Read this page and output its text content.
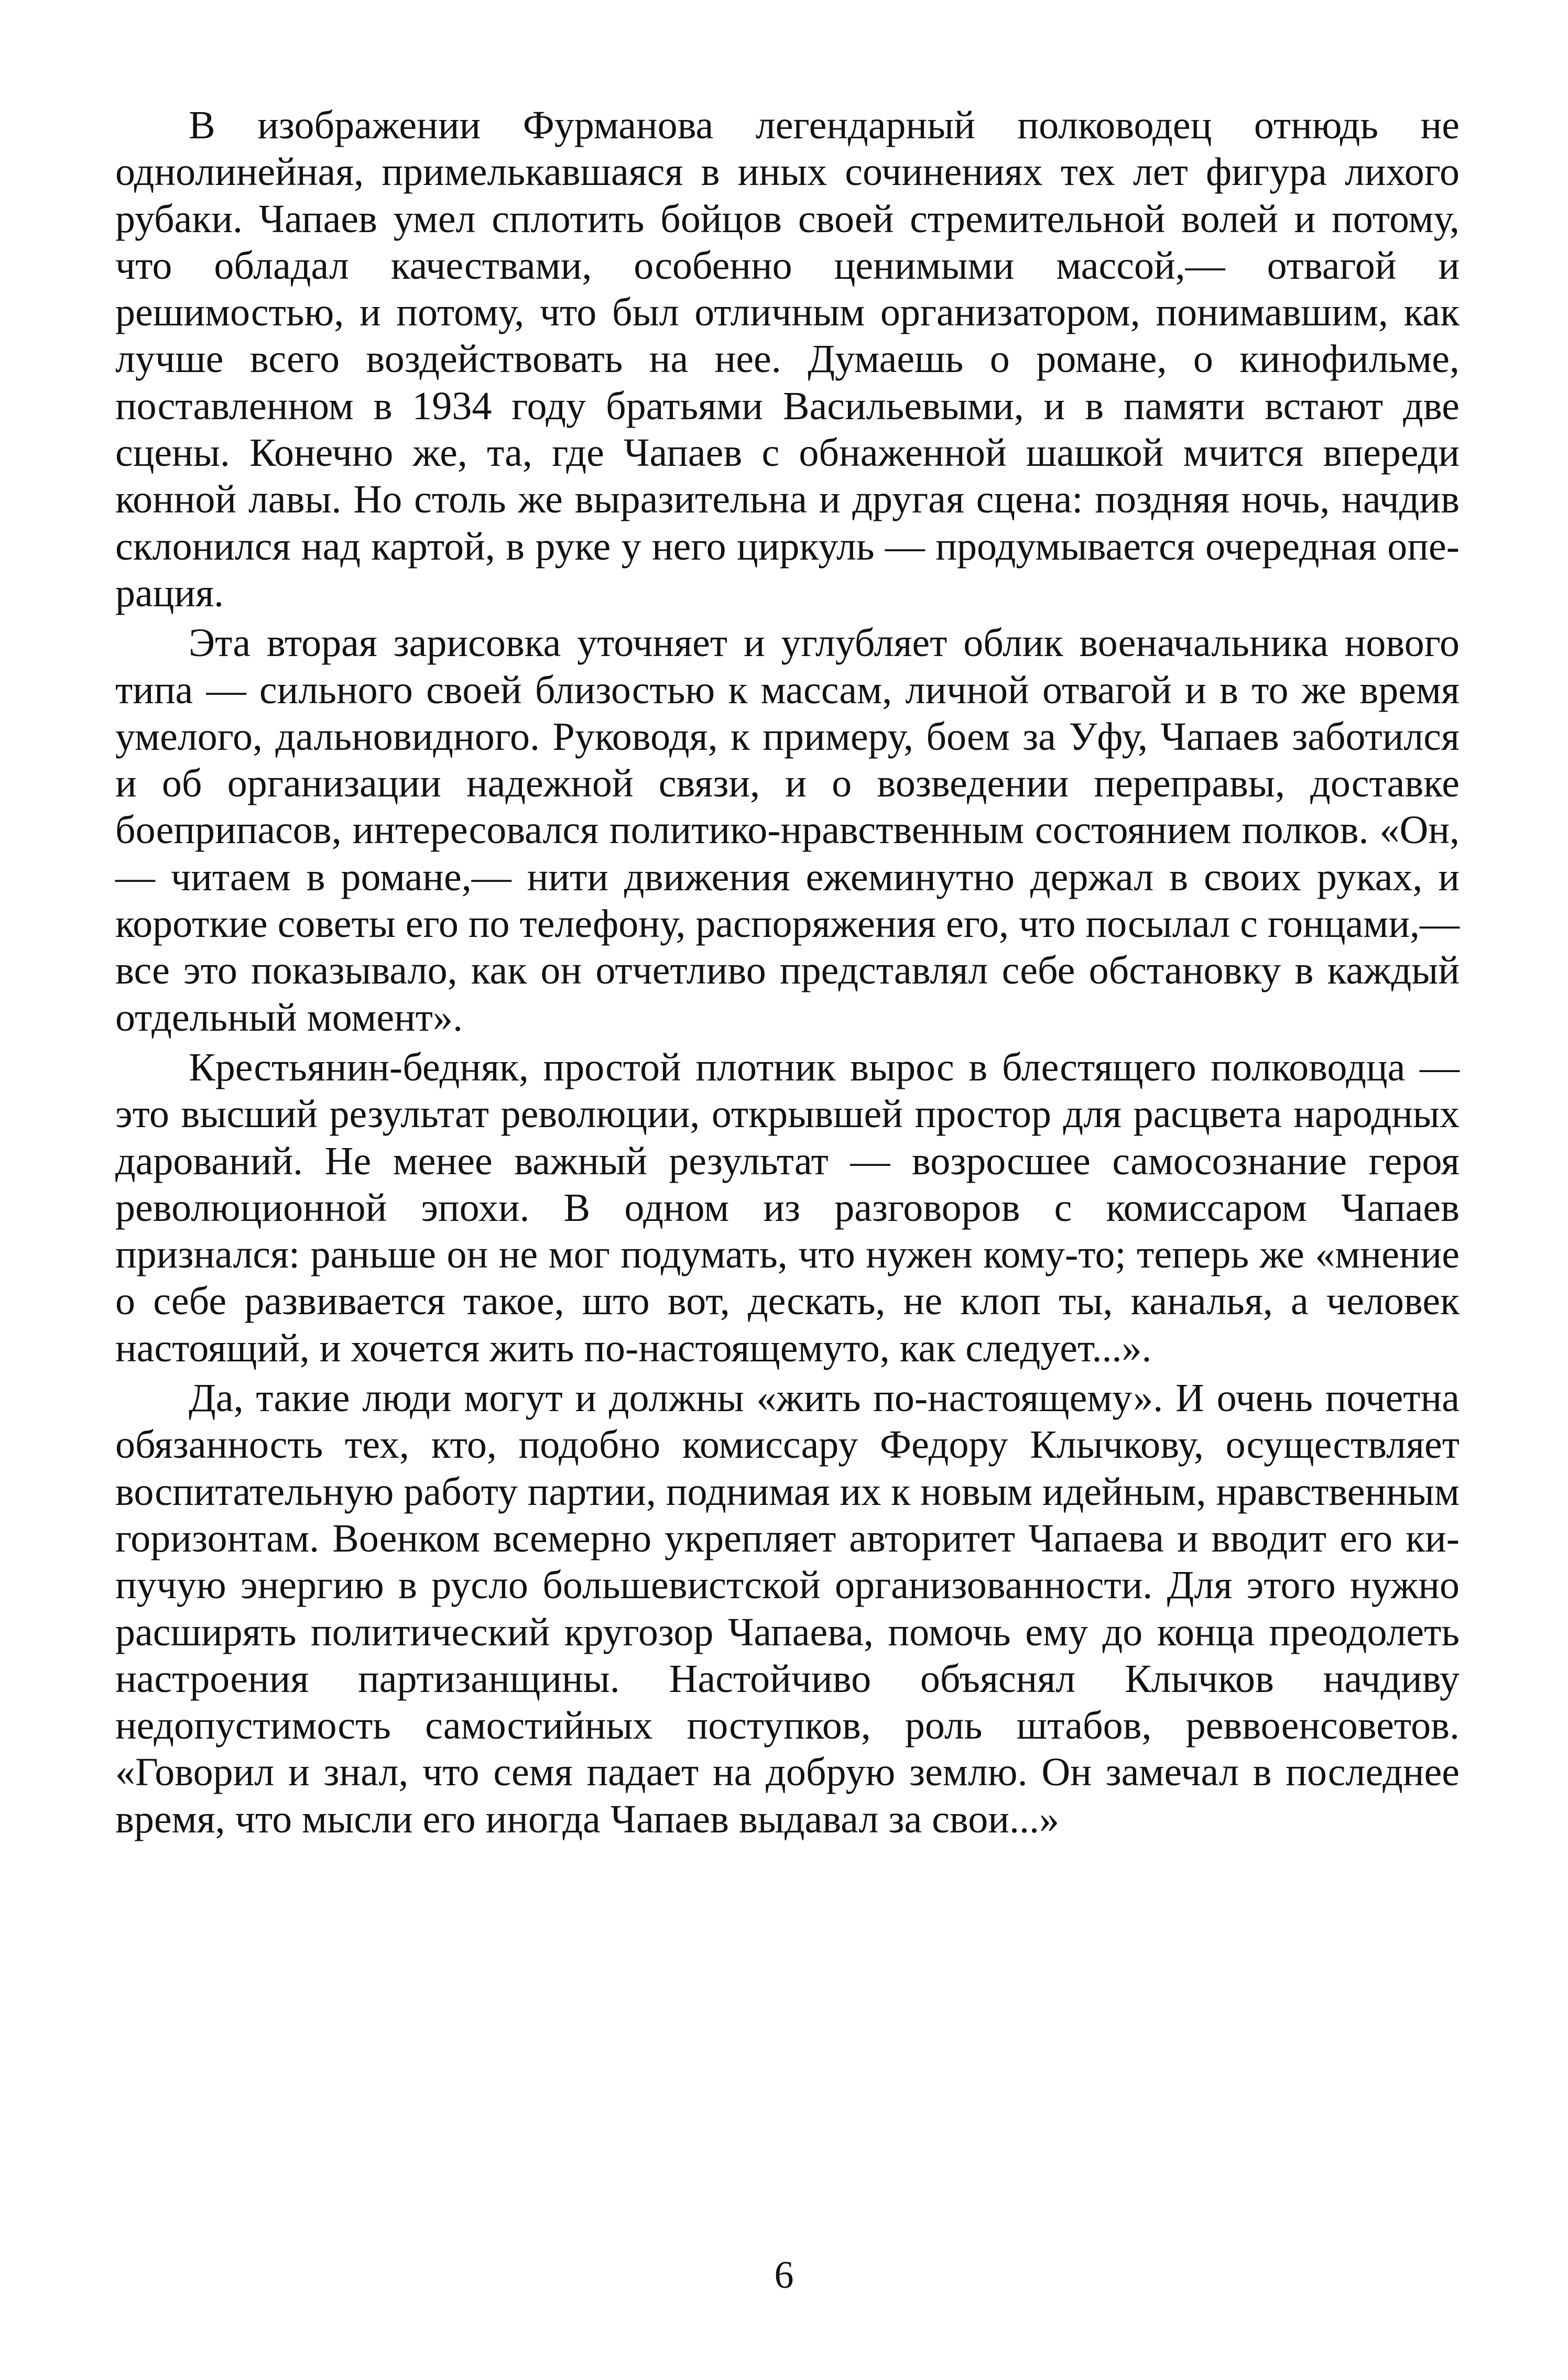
В изображении Фурманова легендарный полководец отнюдь не однолинейная, примелькавшаяся в иных сочинениях тех лет фигура лихого рубаки. Чапаев умел сплотить бойцов своей стремительной волей и потому, что обладал качествами, особенно ценимыми массой,— отвагой и решимостью, и потому, что был отличным организатором, понимавшим, как лучше всего воздействовать на нее. Думаешь о романе, о кинофильме, поставленном в 1934 году братьями Васильевыми, и в памяти встают две сцены. Конечно же, та, где Чапаев с обнаженной шашкой мчится впереди конной лавы. Но столь же выразительна и другая сцена: поздняя ночь, начдив склонился над картой, в руке у него циркуль — продумывается очередная операция.

Эта вторая зарисовка уточняет и углубляет облик военачальника нового типа — сильного своей близостью к массам, личной отвагой и в то же время умелого, дальновидного. Руководя, к примеру, боем за Уфу, Чапаев заботился и об организации надежной связи, и о возведении переправы, доставке боеприпасов, интересовался политико-нравственным состоянием полков. «Он,— читаем в романе,— нити движения ежеминутно держал в своих руках, и короткие советы его по телефону, распоряжения его, что посылал с гонцами,— все это показывало, как он отчетливо представлял себе обстановку в каждый отдельный момент».

Крестьянин-бедняк, простой плотник вырос в блестящего полководца — это высший результат революции, открывшей простор для расцвета народных дарований. Не менее важный результат — возросшее самосознание героя революционной эпохи. В одном из разговоров с комиссаром Чапаев признался: раньше он не мог подумать, что нужен кому-то; теперь же «мнение о себе развивается такое, што вот, дескать, не клоп ты, каналья, а человек настоящий, и хочется жить по-настоящемуто, как следует...».

Да, такие люди могут и должны «жить по-настоящему». И очень почетна обязанность тех, кто, подобно комиссару Федору Клычкову, осуществляет воспитательную работу партии, поднимая их к новым идейным, нравственным горизонтам. Военком всемерно укрепляет авторитет Чапаева и вводит его кипучую энергию в русло большевистской организованности. Для этого нужно расширять политический кругозор Чапаева, помочь ему до конца преодолеть настроения партизанщины. Настойчиво объяснял Клычков начдиву недопустимость самостийных поступков, роль штабов, реввоенсоветов. «Говорил и знал, что семя падает на добрую землю. Он замечал в последнее время, что мысли его иногда Чапаев выдавал за свои...»

6
